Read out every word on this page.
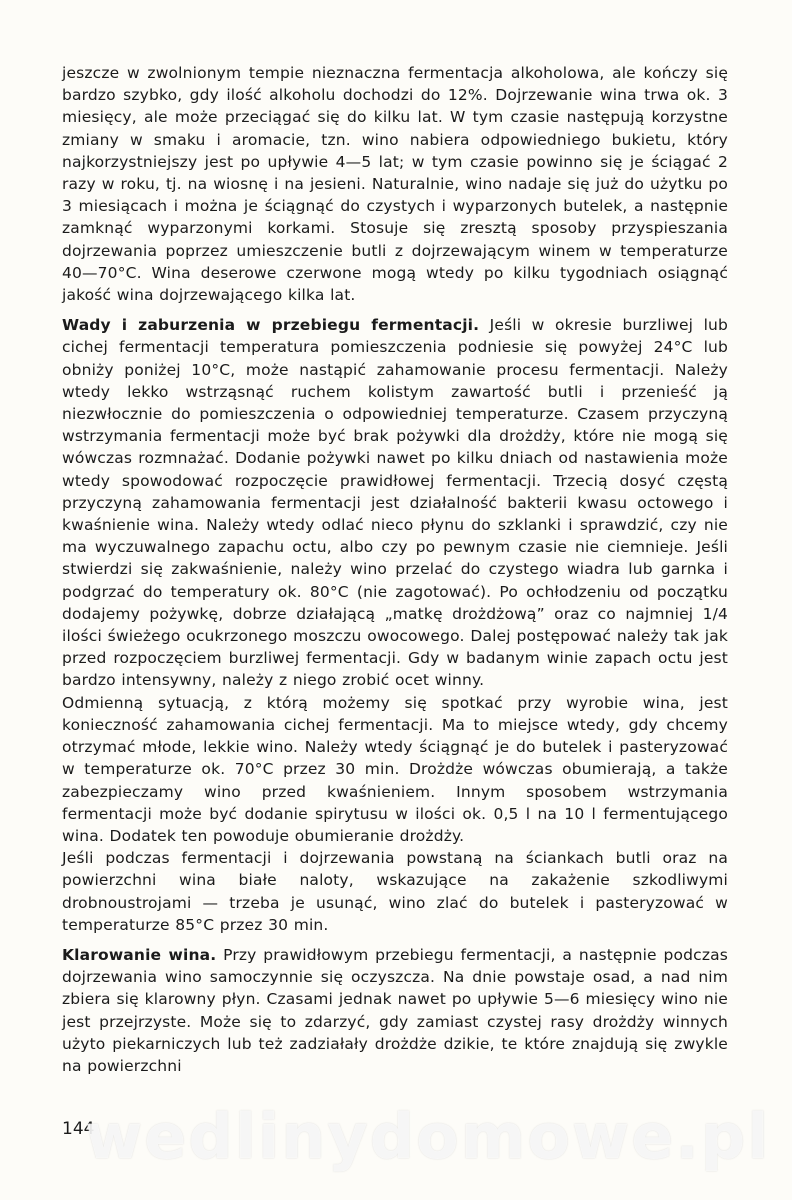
jeszcze w zwolnionym tempie nieznaczna fermentacja alkoholowa, ale kończy się bardzo szybko, gdy ilość alkoholu dochodzi do 12%. Dojrzewanie wina trwa ok. 3 miesięcy, ale może przeciągać się do kilku lat. W tym czasie następują korzystne zmiany w smaku i aromacie, tzn. wino nabiera odpowiedniego bukietu, który najkorzystniejszy jest po upływie 4—5 lat; w tym czasie powinno się je ściągać 2 razy w roku, tj. na wiosnę i na jesieni. Naturalnie, wino nadaje się już do użytku po 3 miesiącach i można je ściągnąć do czystych i wyparzonych butelek, a następnie zamknąć wyparzonymi korkami. Stosuje się zresztą sposoby przyspieszania dojrzewania poprzez umieszczenie butli z dojrzewającym winem w temperaturze 40—70°C. Wina deserowe czerwone mogą wtedy po kilku tygodniach osiągnąć jakość wina dojrzewającego kilka lat.

Wady i zaburzenia w przebiegu fermentacji. Jeśli w okresie burzliwej lub cichej fermentacji temperatura pomieszczenia podniesie się powyżej 24°C lub obniży poniżej 10°C, może nastąpić zahamowanie procesu fermentacji. Należy wtedy lekko wstrząsnąć ruchem kolistym zawartość butli i przenieść ją niezwłocznie do pomieszczenia o odpowiedniej temperaturze. Czasem przyczyną wstrzymania fermentacji może być brak pożywki dla drożdży, które nie mogą się wówczas rozmnażać. Dodanie pożywki nawet po kilku dniach od nastawienia może wtedy spowodować rozpoczęcie prawidłowej fermentacji. Trzecią dosyć częstą przyczyną zahamowania fermentacji jest działalność bakterii kwasu octowego i kwaśnienie wina. Należy wtedy odlać nieco płynu do szklanki i sprawdzić, czy nie ma wyczuwalnego zapachu octu, albo czy po pewnym czasie nie ciemnieje. Jeśli stwierdzi się zakwaśnienie, należy wino przelać do czystego wiadra lub garnka i podgrzać do temperatury ok. 80°C (nie zagotować). Po ochłodzeniu od początku dodajemy pożywkę, dobrze działającą „matkę drożdżową” oraz co najmniej 1/4 ilości świeżego ocukrzonego moszczu owocowego. Dalej postępować należy tak jak przed rozpoczęciem burzliwej fermentacji. Gdy w badanym winie zapach octu jest bardzo intensywny, należy z niego zrobić ocet winny.

Odmienną sytuacją, z którą możemy się spotkać przy wyrobie wina, jest konieczność zahamowania cichej fermentacji. Ma to miejsce wtedy, gdy chcemy otrzymać młode, lekkie wino. Należy wtedy ściągnąć je do butelek i pasteryzować w temperaturze ok. 70°C przez 30 min. Drożdże wówczas obumierają, a także zabezpieczamy wino przed kwaśnieniem. Innym sposobem wstrzymania fermentacji może być dodanie spirytusu w ilości ok. 0,5 l na 10 l fermentującego wina. Dodatek ten powoduje obumieranie drożdży.

Jeśli podczas fermentacji i dojrzewania powstaną na ściankach butli oraz na powierzchni wina białe naloty, wskazujące na zakażenie szkodliwymi drobnoustrojami — trzeba je usunąć, wino zlać do butelek i pasteryzować w temperaturze 85°C przez 30 min.

Klarowanie wina. Przy prawidłowym przebiegu fermentacji, a następnie podczas dojrzewania wino samoczynnie się oczyszcza. Na dnie powstaje osad, a nad nim zbiera się klarowny płyn. Czasami jednak nawet po upływie 5—6 miesięcy wino nie jest przejrzyste. Może się to zdarzyć, gdy zamiast czystej rasy drożdży winnych użyto piekarniczych lub też zadziałały drożdże dzikie, te które znajdują się zwykle na powierzchni

144
wedlinydomowe.pl
